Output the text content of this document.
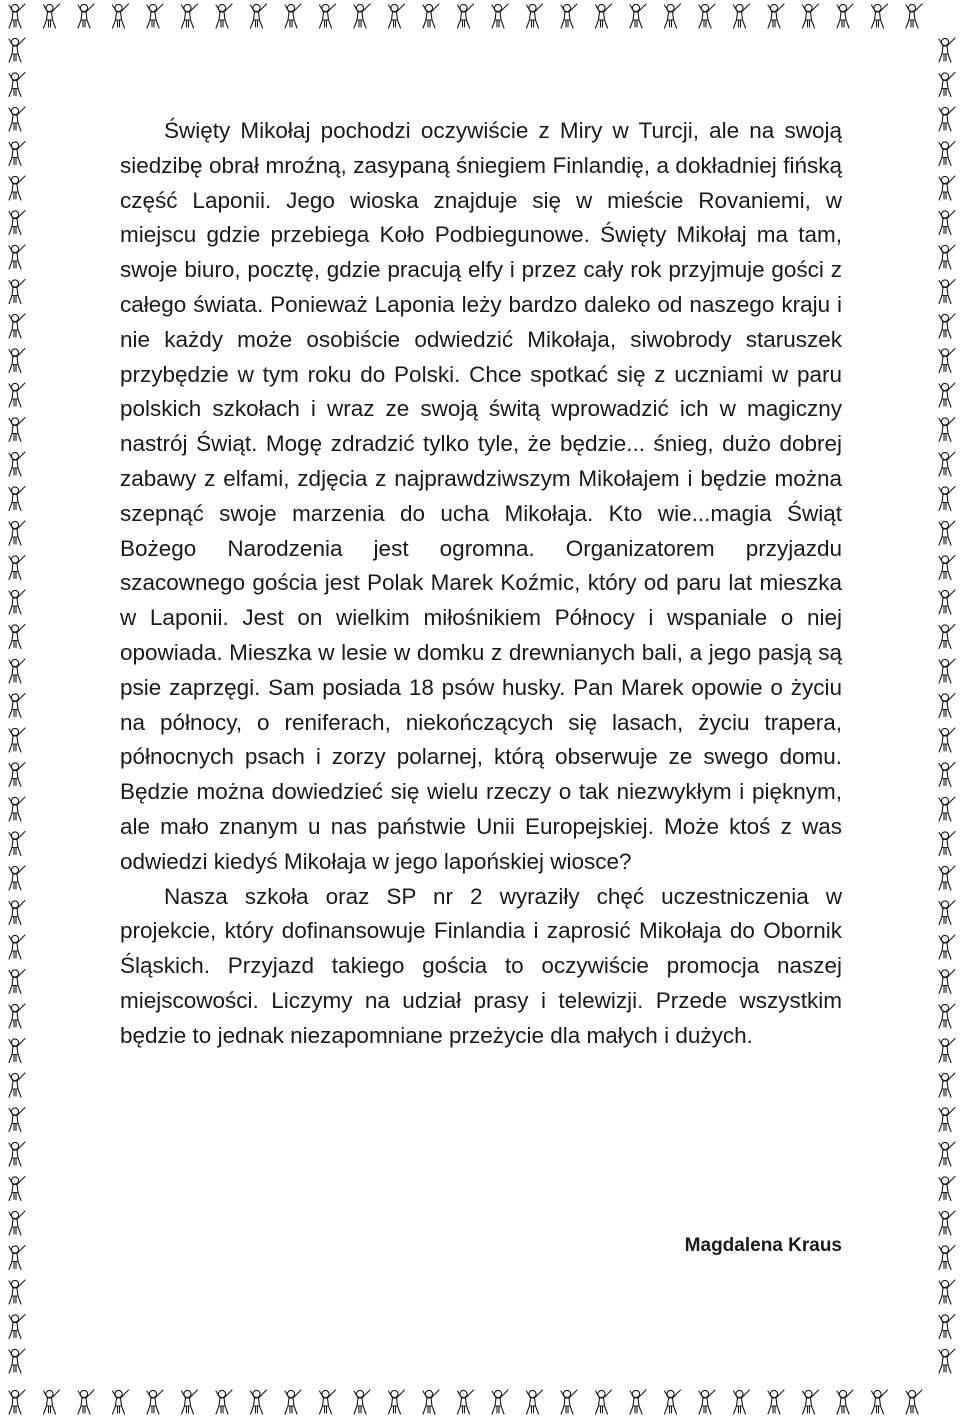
Święty Mikołaj pochodzi oczywiście z Miry w Turcji, ale na swoją siedzibę obrał mroźną, zasypaną śniegiem Finlandię, a dokładniej fińską część Laponii. Jego wioska znajduje się w mieście Rovaniemi, w miejscu gdzie przebiega Koło Podbiegunowe. Święty Mikołaj ma tam, swoje biuro, pocztę, gdzie pracują elfy i przez cały rok przyjmuje gości z całego świata. Ponieważ Laponia leży bardzo daleko od naszego kraju i nie każdy może osobiście odwiedzić Mikołaja, siwobrody staruszek przybędzie w tym roku do Polski. Chce spotkać się z uczniami w paru polskich szkołach i wraz ze swoją świtą wprowadzić ich w magiczny nastrój Świąt. Mogę zdradzić tylko tyle, że będzie... śnieg, dużo dobrej zabawy z elfami, zdjęcia z najprawdziwszym Mikołajem i będzie można szepnąć swoje marzenia do ucha Mikołaja. Kto wie...magia Świąt Bożego Narodzenia jest ogromna. Organizatorem przyjazdu szacownego gościa jest Polak Marek Koźmic, który od paru lat mieszka w Laponii. Jest on wielkim miłośnikiem Północy i wspaniale o niej opowiada. Mieszka w lesie w domku z drewnianych bali, a jego pasją są psie zaprzęgi. Sam posiada 18 psów husky. Pan Marek opowie o życiu na północy, o reniferach, niekończących się lasach, życiu trapera, północnych psach i zorzy polarnej, którą obserwuje ze swego domu. Będzie można dowiedzieć się wielu rzeczy o tak niezwykłym i pięknym, ale mało znanym u nas państwie Unii Europejskiej. Może ktoś z was odwiedzi kiedyś Mikołaja w jego lapońskiej wiosce?

Nasza szkoła oraz SP nr 2 wyraziły chęć uczestniczenia w projekcie, który dofinansowuje Finlandia i zaprosić Mikołaja do Obornik Śląskich. Przyjazd takiego gościa to oczywiście promocja naszej miejscowości. Liczymy na udział prasy i telewizji. Przede wszystkim będzie to jednak niezapomniane przeżycie dla małych i dużych.

Magdalena Kraus
